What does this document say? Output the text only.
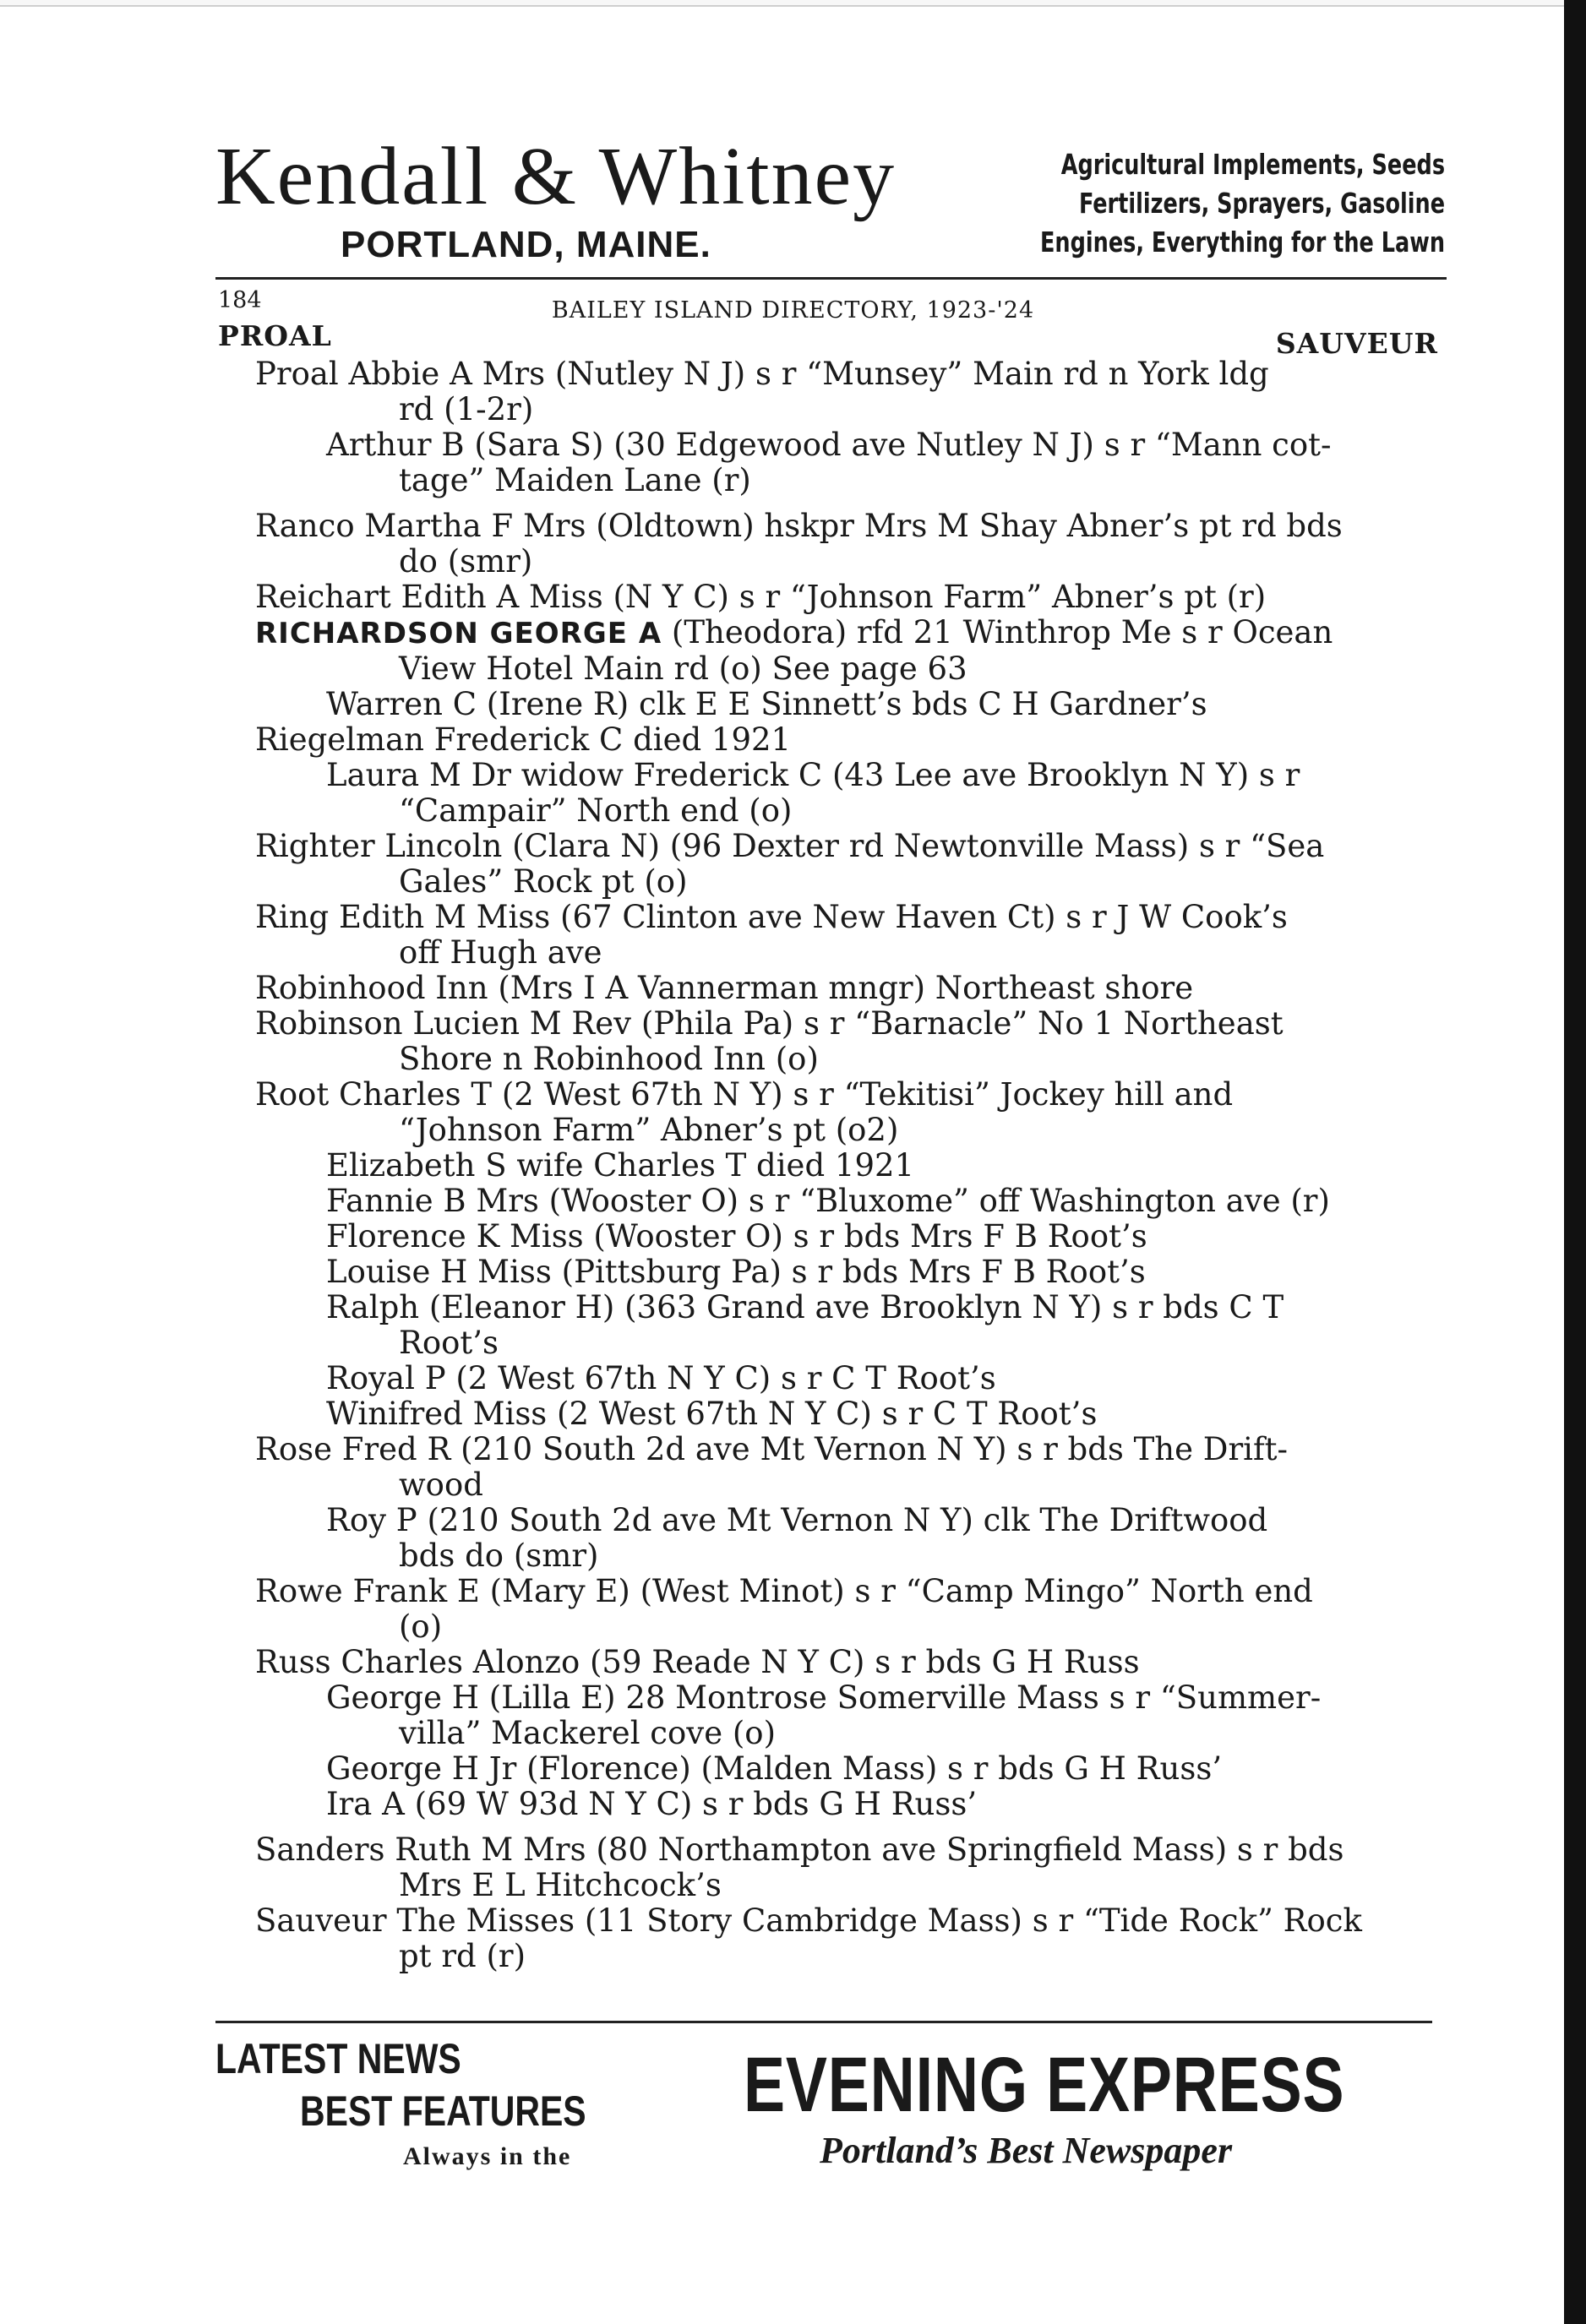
Kendall & Whitney
PORTLAND, MAINE.
Agricultural Implements, Seeds
Fertilizers, Sprayers, Gasoline
Engines, Everything for the Lawn
184	BAILEY ISLAND DIRECTORY, 1923-'24
PROAL	SAUVEUR
Proal Abbie A Mrs (Nutley N J) s r “Munsey” Main rd n York ldg
rd (1-2r)
Arthur B (Sara S) (30 Edgewood ave Nutley N J) s r “Mann cot-
tage” Maiden Lane (r)
Ranco Martha F Mrs (Oldtown) hskpr Mrs M Shay Abner’s pt rd bds
do (smr)
Reichart Edith A Miss (N Y C) s r “Johnson Farm” Abner’s pt (r)
RICHARDSON GEORGE A (Theodora) rfd 21 Winthrop Me s r Ocean
View Hotel Main rd (o) See page 63
Warren C (Irene R) clk E E Sinnett’s bds C H Gardner’s
Riegelman Frederick C died 1921
Laura M Dr widow Frederick C (43 Lee ave Brooklyn N Y) s r
“Campair” North end (o)
Righter Lincoln (Clara N) (96 Dexter rd Newtonville Mass) s r “Sea
Gales” Rock pt (o)
Ring Edith M Miss (67 Clinton ave New Haven Ct) s r J W Cook’s
off Hugh ave
Robinhood Inn (Mrs I A Vannerman mngr) Northeast shore
Robinson Lucien M Rev (Phila Pa) s r “Barnacle” No 1 Northeast
Shore n Robinhood Inn (o)
Root Charles T (2 West 67th N Y) s r “Tekitisi” Jockey hill and
“Johnson Farm” Abner’s pt (o2)
Elizabeth S wife Charles T died 1921
Fannie B Mrs (Wooster O) s r “Bluxome” off Washington ave (r)
Florence K Miss (Wooster O) s r bds Mrs F B Root’s
Louise H Miss (Pittsburg Pa) s r bds Mrs F B Root’s
Ralph (Eleanor H) (363 Grand ave Brooklyn N Y) s r bds C T
Root’s
Royal P (2 West 67th N Y C) s r C T Root’s
Winifred Miss (2 West 67th N Y C) s r C T Root’s
Rose Fred R (210 South 2d ave Mt Vernon N Y) s r bds The Drift-
wood
Roy P (210 South 2d ave Mt Vernon N Y) clk The Driftwood
bds do (smr)
Rowe Frank E (Mary E) (West Minot) s r “Camp Mingo” North end
(o)
Russ Charles Alonzo (59 Reade N Y C) s r bds G H Russ
George H (Lilla E) 28 Montrose Somerville Mass s r “Summer-
villa” Mackerel cove (o)
George H Jr (Florence) (Malden Mass) s r bds G H Russ’
Ira A (69 W 93d N Y C) s r bds G H Russ’
Sanders Ruth M Mrs (80 Northampton ave Springfield Mass) s r bds
Mrs E L Hitchcock’s
Sauveur The Misses (11 Story Cambridge Mass) s r “Tide Rock” Rock
pt rd (r)
LATEST NEWS
BEST FEATURES
Always in the
EVENING EXPRESS
Portland’s Best Newspaper
